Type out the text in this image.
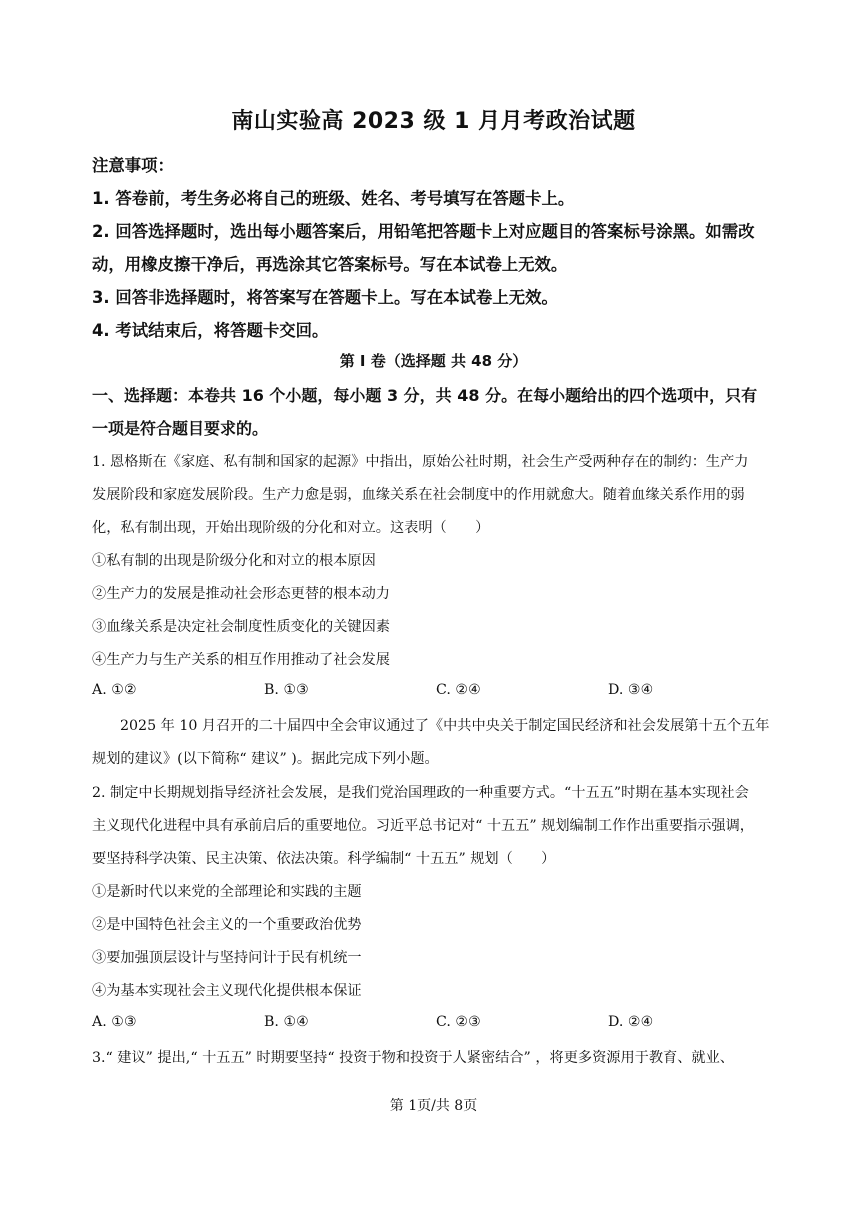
南山实验高 2023 级 1 月月考政治试题
注意事项：
1. 答卷前，考生务必将自己的班级、姓名、考号填写在答题卡上。
2. 回答选择题时，选出每小题答案后，用铅笔把答题卡上对应题目的答案标号涂黑。如需改
动，用橡皮擦干净后，再选涂其它答案标号。写在本试卷上无效。
3. 回答非选择题时，将答案写在答题卡上。写在本试卷上无效。
4. 考试结束后，将答题卡交回。
第 I 卷（选择题 共 48 分）
一、选择题：本卷共 16 个小题，每小题 3 分，共 48 分。在每小题给出的四个选项中，只有
一项是符合题目要求的。
1. 恩格斯在《家庭、私有制和国家的起源》中指出，原始公社时期，社会生产受两种存在的制约：生产力
发展阶段和家庭发展阶段。生产力愈是弱，血缘关系在社会制度中的作用就愈大。随着血缘关系作用的弱
化，私有制出现，开始出现阶级的分化和对立。这表明（　　）
①私有制的出现是阶级分化和对立的根本原因
②生产力的发展是推动社会形态更替的根本动力
③血缘关系是决定社会制度性质变化的关键因素
④生产力与生产关系的相互作用推动了社会发展
A. ①②	B. ①③	C. ②④	D. ③④
2025 年 10 月召开的二十届四中全会审议通过了《中共中央关于制定国民经济和社会发展第十五个五年
规划的建议》(以下简称“ 建议” )。据此完成下列小题。
2. 制定中长期规划指导经济社会发展，是我们党治国理政的一种重要方式。“十五五”时期在基本实现社会
主义现代化进程中具有承前启后的重要地位。习近平总书记对“ 十五五” 规划编制工作作出重要指示强调，
要坚持科学决策、民主决策、依法决策。科学编制“ 十五五” 规划（　　）
①是新时代以来党的全部理论和实践的主题
②是中国特色社会主义的一个重要政治优势
③要加强顶层设计与坚持问计于民有机统一
④为基本实现社会主义现代化提供根本保证
A. ①③	B. ①④	C. ②③	D. ②④
3.“ 建议” 提出,“ 十五五” 时期要坚持“ 投资于物和投资于人紧密结合” ，将更多资源用于教育、就业、
第 1页/共 8页
